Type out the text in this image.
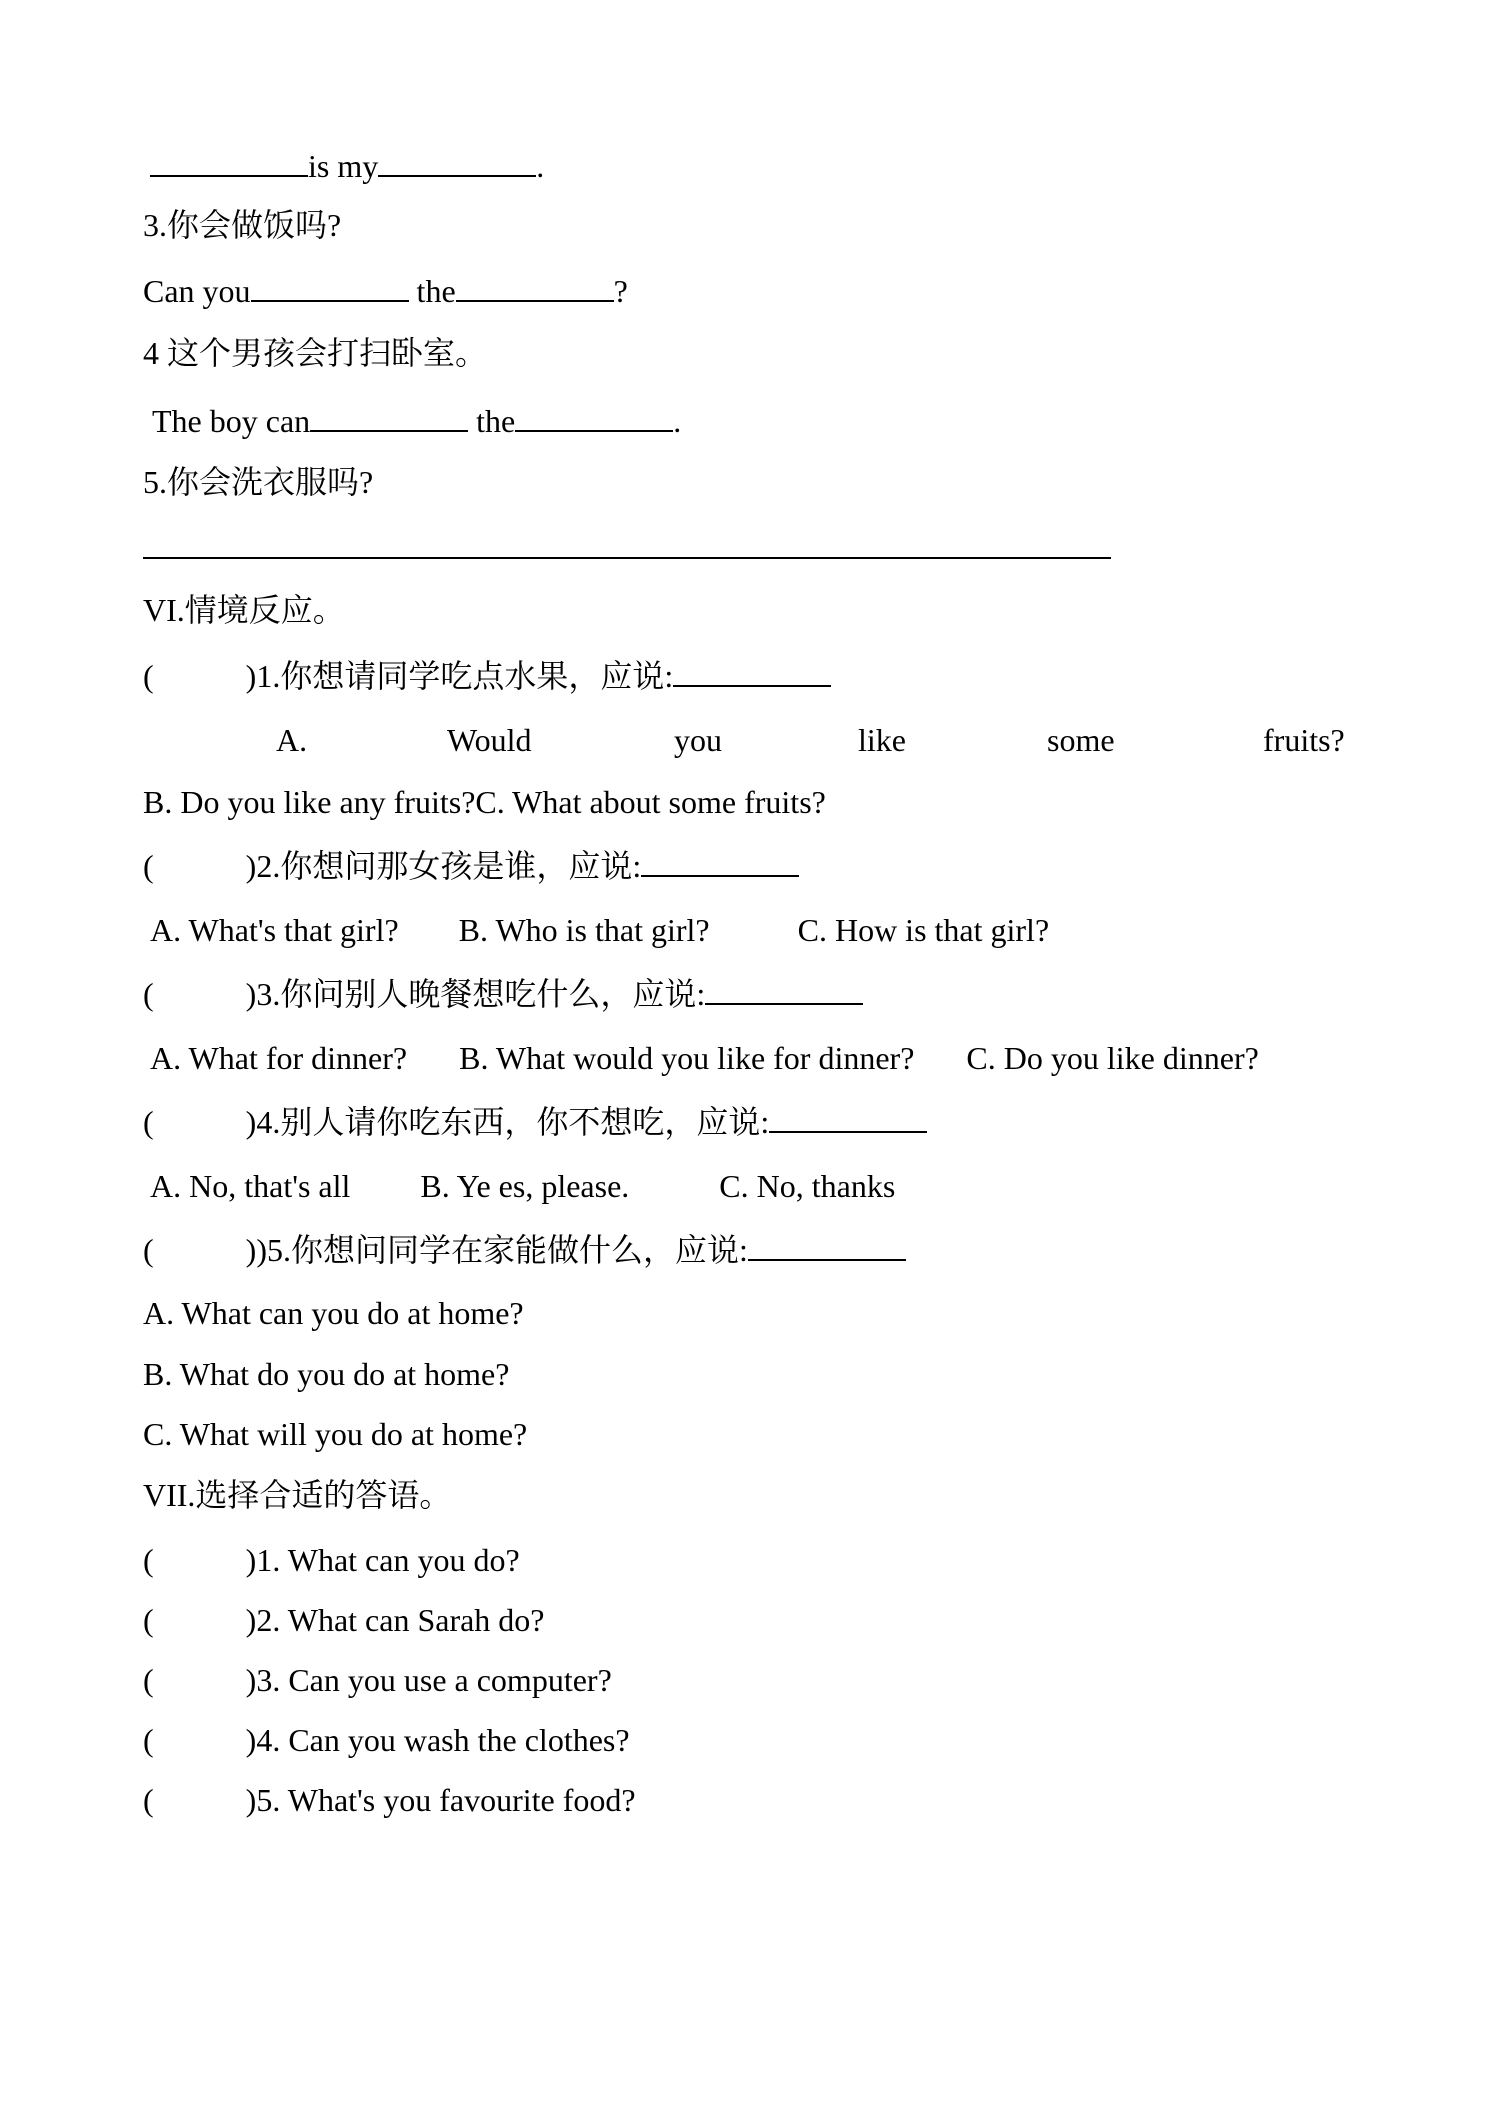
is my	.
3.你会做饭吗?
Can you	the	?
4 这个男孩会打扫卧室。
The boy can	the	.
5.你会洗衣服吗?
VI.情境反应。
(	)1.你想请同学吃点水果，应说:
A.	Would	you	like	some	fruits?
B. Do you like any fruits?C. What about some fruits?
(	)2.你想问那女孩是谁，应说:
A. What's that girl? B. Who is that girl?	C. How is that girl?
(	)3.你问别人晚餐想吃什么，应说:
A. What for dinner? B. What would you like for dinner? C. Do you like dinner?
(	)4.别人请你吃东西，你不想吃，应说:
A. No, that's all B. Ye es, please.	C. No, thanks
(	))5.你想问同学在家能做什么，应说:
A. What can you do at home?
B. What do you do at home?
C. What will you do at home?
VII.选择合适的答语。
(	)1. What can you do?
(	)2. What can Sarah do?
(	)3. Can you use a computer?
(	)4. Can you wash the clothes?
(	)5. What's you favourite food?
